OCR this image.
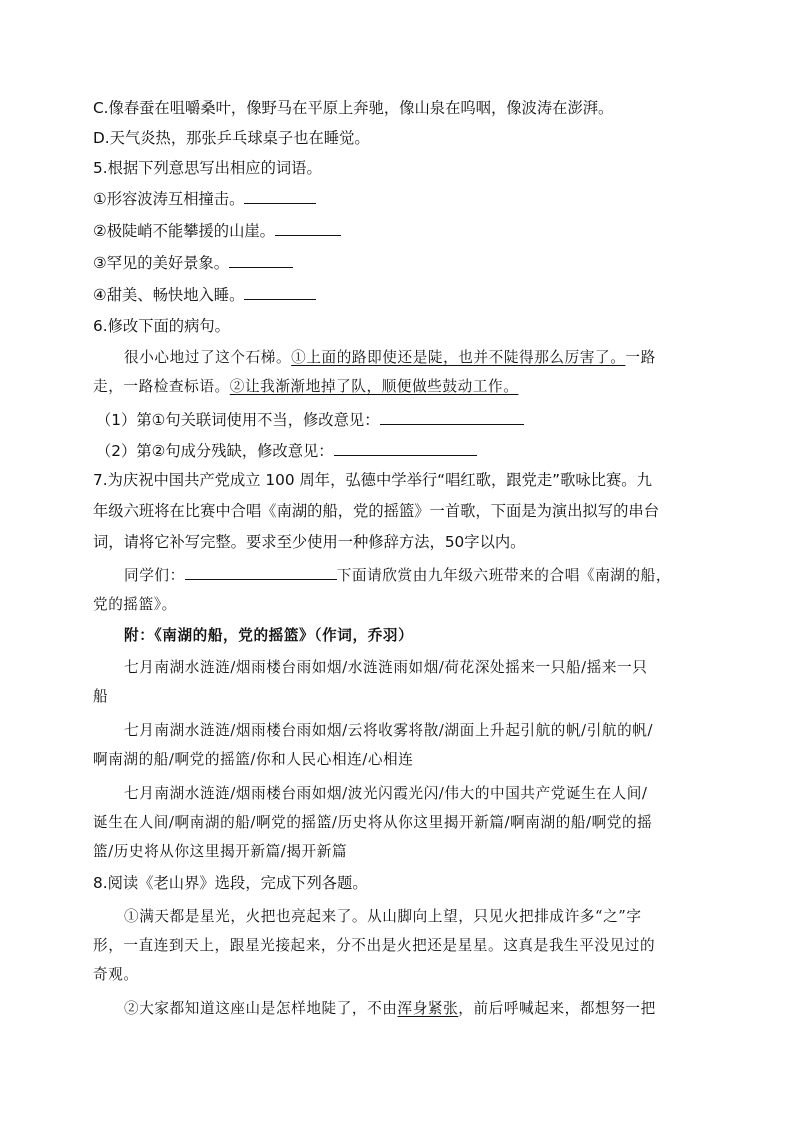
C.像春蚕在咀嚼桑叶，像野马在平原上奔驰，像山泉在呜咽，像波涛在澎湃。
D.天气炎热，那张乒乓球桌子也在睡觉。
5.根据下列意思写出相应的词语。
①形容波涛互相撞击。
②极陡峭不能攀援的山崖。
③罕见的美好景象。
④甜美、畅快地入睡。
6.修改下面的病句。
很小心地过了这个石梯。①上面的路即使还是陡，也并不陡得那么厉害了。一路
走，一路检查标语。②让我渐渐地掉了队，顺便做些鼓动工作。
（1）第①句关联词使用不当，修改意见：
（2）第②句成分残缺，修改意见：
7.为庆祝中国共产党成立 100 周年，弘德中学举行“唱红歌，跟党走”歌咏比赛。九
年级六班将在比赛中合唱《南湖的船，党的摇篮》一首歌，下面是为演出拟写的串台
词，请将它补写完整。要求至少使用一种修辞方法，50字以内。
同学们：	下面请欣赏由九年级六班带来的合唱《南湖的船，
党的摇篮》。
附：《南湖的船，党的摇篮》（作词，乔羽）
七月南湖水涟涟/烟雨楼台雨如烟/水涟涟雨如烟/荷花深处摇来一只船/摇来一只
船
七月南湖水涟涟/烟雨楼台雨如烟/云将收雾将散/湖面上升起引航的帆/引航的帆/
啊南湖的船/啊党的摇篮/你和人民心相连/心相连
七月南湖水涟涟/烟雨楼台雨如烟/波光闪霞光闪/伟大的中国共产党诞生在人间/
诞生在人间/啊南湖的船/啊党的摇篮/历史将从你这里揭开新篇/啊南湖的船/啊党的摇
篮/历史将从你这里揭开新篇/揭开新篇
8.阅读《老山界》选段，完成下列各题。
①满天都是星光，火把也亮起来了。从山脚向上望，只见火把排成许多“之”字
形，一直连到天上，跟星光接起来，分不出是火把还是星星。这真是我生平没见过的
奇观。
②大家都知道这座山是怎样地陡了，不由浑身紧张，前后呼喊起来，都想努一把
